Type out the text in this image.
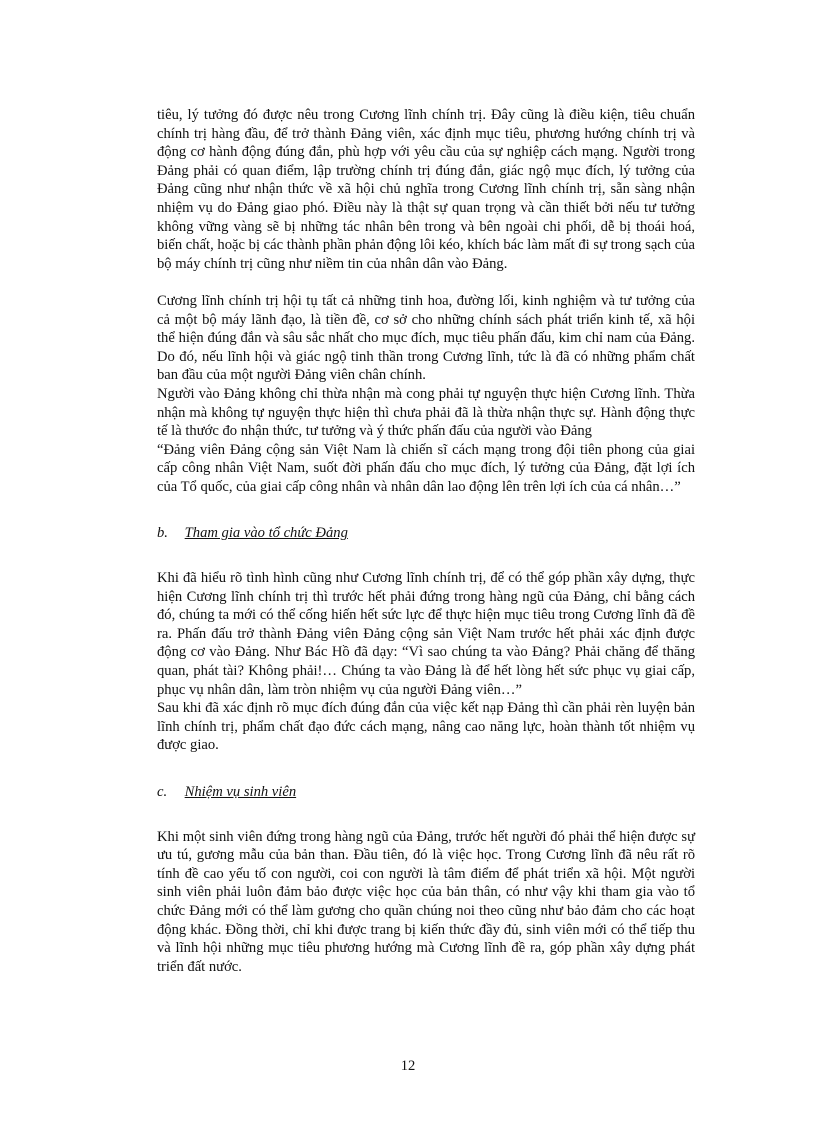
tiêu, lý tưởng đó được nêu trong Cương lĩnh chính trị. Đây cũng là điều kiện, tiêu chuẩn chính trị hàng đầu, để trở thành Đảng viên, xác định mục tiêu, phương hướng chính trị và động cơ hành động đúng đắn, phù hợp với yêu cầu của sự nghiệp cách mạng. Người trong Đảng phải có quan điểm, lập trường chính trị đúng đắn, giác ngộ mục đích, lý tưởng của Đảng cũng như nhận thức về xã hội chủ nghĩa trong Cương lĩnh chính trị, sẵn sàng nhận nhiệm vụ do Đảng giao phó. Điều này là thật sự quan trọng và cần thiết bởi nếu tư tưởng không vững vàng sẽ bị những tác nhân bên trong và bên ngoài chi phối, dễ bị thoái hoá, biến chất, hoặc bị các thành phần phản động lôi kéo, khích bác làm mất đi sự trong sạch của bộ máy chính trị cũng như niềm tin của nhân dân vào Đảng.

Cương lĩnh chính trị hội tụ tất cả những tinh hoa, đường lối, kinh nghiệm và tư tưởng của cả một bộ máy lãnh đạo, là tiền đề, cơ sở cho những chính sách phát triển kinh tế, xã hội thể hiện đúng đắn và sâu sắc nhất cho mục đích, mục tiêu phấn đấu, kim chỉ nam của Đảng. Do đó, nếu lĩnh hội và giác ngộ tinh thần trong Cương lĩnh, tức là đã có những phẩm chất ban đầu của một người Đảng viên chân chính.

Người vào Đảng không chỉ thừa nhận mà cong phải tự nguyện thực hiện Cương lĩnh. Thừa nhận mà không tự nguyện thực hiện thì chưa phải đã là thừa nhận thực sự. Hành động thực tế là thước đo nhận thức, tư tưởng và ý thức phấn đấu của người vào Đảng

“Đảng viên Đảng cộng sản Việt Nam là chiến sĩ cách mạng trong đội tiên phong của giai cấp công nhân Việt Nam, suốt đời phấn đấu cho mục đích, lý tưởng của Đảng, đặt lợi ích của Tổ quốc, của giai cấp công nhân và nhân dân lao động lên trên lợi ích của cá nhân…”

b. Tham gia vào tổ chức Đảng

Khi đã hiểu rõ tình hình cũng như Cương lĩnh chính trị, để có thể góp phần xây dựng, thực hiện Cương lĩnh chính trị thì trước hết phải đứng trong hàng ngũ của Đảng, chỉ bằng cách đó, chúng ta mới có thể cống hiến hết sức lực để thực hiện mục tiêu trong Cương lĩnh đã đề ra. Phấn đấu trở thành Đảng viên Đảng cộng sản Việt Nam trước hết phải xác định được động cơ vào Đảng. Như Bác Hồ đã dạy: “Vì sao chúng ta vào Đảng? Phải chăng để thăng quan, phát tài? Không phải!… Chúng ta vào Đảng là để hết lòng hết sức phục vụ giai cấp, phục vụ nhân dân, làm tròn nhiệm vụ của người Đảng viên…”

Sau khi đã xác định rõ mục đích đúng đắn của việc kết nạp Đảng thì cần phải rèn luyện bản lĩnh chính trị, phẩm chất đạo đức cách mạng, nâng cao năng lực, hoàn thành tốt nhiệm vụ được giao.

c. Nhiệm vụ sinh viên

Khi một sinh viên đứng trong hàng ngũ của Đảng, trước hết người đó phải thể hiện được sự ưu tú, gương mẫu của bản than. Đầu tiên, đó là việc học. Trong Cương lĩnh đã nêu rất rõ tính đề cao yếu tố con người, coi con người là tâm điểm để phát triển xã hội. Một người sinh viên phải luôn đảm bảo được việc học của bản thân, có như vậy khi tham gia vào tổ chức Đảng mới có thể làm gương cho quần chúng noi theo cũng như bảo đảm cho các hoạt động khác. Đồng thời, chỉ khi được trang bị kiến thức đầy đủ, sinh viên mới có thể tiếp thu và lĩnh hội những mục tiêu phương hướng mà Cương lĩnh đề ra, góp phần xây dựng phát triển đất nước.

12
